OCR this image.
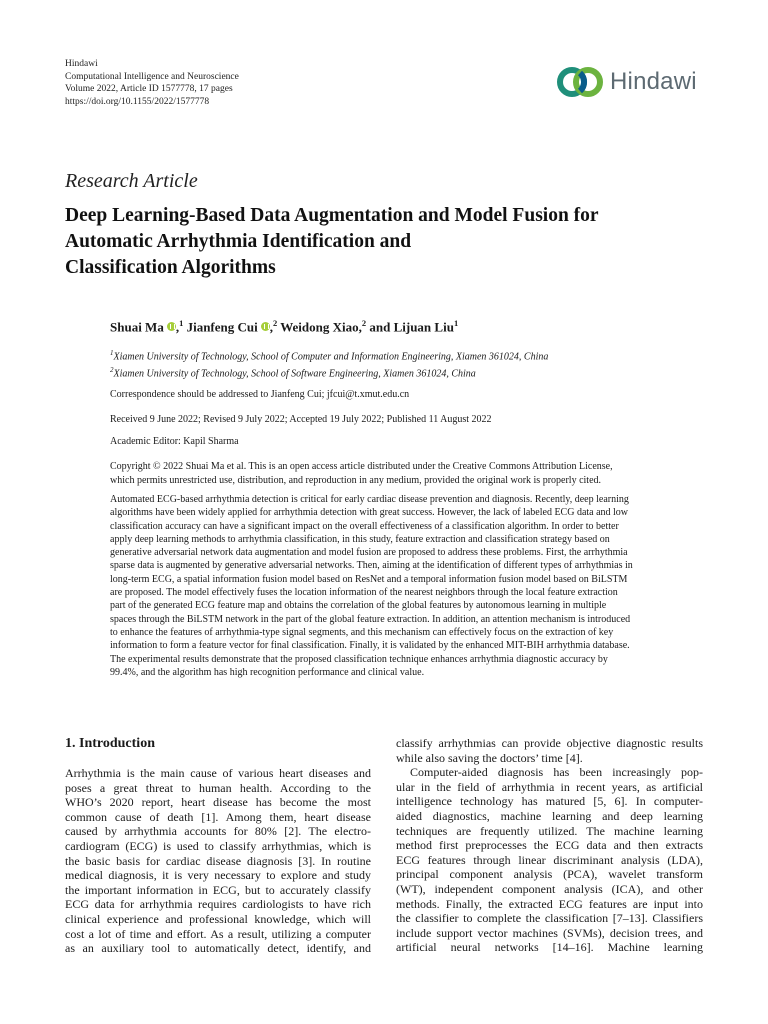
Hindawi
Computational Intelligence and Neuroscience
Volume 2022, Article ID 1577778, 17 pages
https://doi.org/10.1155/2022/1577778
Hindawi
Research Article
Deep Learning-Based Data Augmentation and Model Fusion for
Automatic Arrhythmia Identification and
Classification Algorithms
Shuai Ma ,$^1$ Jianfeng Cui ,$^2$ Weidong Xiao,$^2$ and Lijuan Liu$^1$
$^1$Xiamen University of Technology, School of Computer and Information Engineering, Xiamen 361024, China
$^2$Xiamen University of Technology, School of Software Engineering, Xiamen 361024, China
Correspondence should be addressed to Jianfeng Cui; jfcui@t.xmut.edu.cn
Received 9 June 2022; Revised 9 July 2022; Accepted 19 July 2022; Published 11 August 2022
Academic Editor: Kapil Sharma
Copyright © 2022 Shuai Ma et al. This is an open access article distributed under the Creative Commons Attribution License,
which permits unrestricted use, distribution, and reproduction in any medium, provided the original work is properly cited.
Automated ECG-based arrhythmia detection is critical for early cardiac disease prevention and diagnosis. Recently, deep learning
algorithms have been widely applied for arrhythmia detection with great success. However, the lack of labeled ECG data and low
classification accuracy can have a significant impact on the overall effectiveness of a classification algorithm. In order to better
apply deep learning methods to arrhythmia classification, in this study, feature extraction and classification strategy based on
generative adversarial network data augmentation and model fusion are proposed to address these problems. First, the arrhythmia
sparse data is augmented by generative adversarial networks. Then, aiming at the identification of different types of arrhythmias in
long-term ECG, a spatial information fusion model based on ResNet and a temporal information fusion model based on BiLSTM
are proposed. The model effectively fuses the location information of the nearest neighbors through the local feature extraction
part of the generated ECG feature map and obtains the correlation of the global features by autonomous learning in multiple
spaces through the BiLSTM network in the part of the global feature extraction. In addition, an attention mechanism is introduced
to enhance the features of arrhythmia-type signal segments, and this mechanism can effectively focus on the extraction of key
information to form a feature vector for final classification. Finally, it is validated by the enhanced MIT-BIH arrhythmia database.
The experimental results demonstrate that the proposed classification technique enhances arrhythmia diagnostic accuracy by
99.4%, and the algorithm has high recognition performance and clinical value.
1. Introduction
Arrhythmia is the main cause of various heart diseases and
poses a great threat to human health. According to the
WHO’s 2020 report, heart disease has become the most
common cause of death [1]. Among them, heart disease
caused by arrhythmia accounts for 80% [2]. The electro-
cardiogram (ECG) is used to classify arrhythmias, which is
the basic basis for cardiac disease diagnosis [3]. In routine
medical diagnosis, it is very necessary to explore and study
the important information in ECG, but to accurately classify
ECG data for arrhythmia requires cardiologists to have rich
clinical experience and professional knowledge, which will
cost a lot of time and effort. As a result, utilizing a computer
as an auxiliary tool to automatically detect, identify, and
classify arrhythmias can provide objective diagnostic results
while also saving the doctors’ time [4].
Computer-aided diagnosis has been increasingly pop-
ular in the field of arrhythmia in recent years, as artificial
intelligence technology has matured [5, 6]. In computer-
aided diagnostics, machine learning and deep learning
techniques are frequently utilized. The machine learning
method first preprocesses the ECG data and then extracts
ECG features through linear discriminant analysis (LDA),
principal component analysis (PCA), wavelet transform
(WT), independent component analysis (ICA), and other
methods. Finally, the extracted ECG features are input into
the classifier to complete the classification [7–13]. Classifiers
include support vector machines (SVMs), decision trees, and
artificial neural networks [14–16]. Machine learning
